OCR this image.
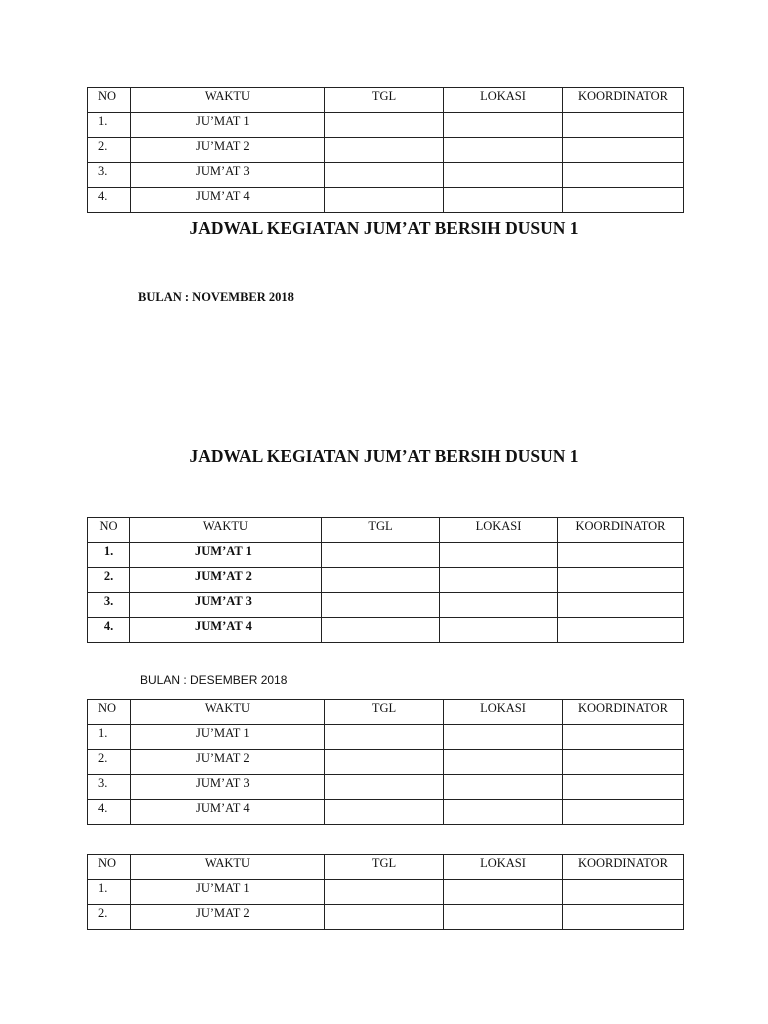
NO	WAKTU	TGL	LOKASI	KOORDINATOR
1.	JU’MAT 1			
2.	JU’MAT 2			
3.	JUM’AT 3			
4.	JUM’AT 4			
JADWAL KEGIATAN JUM’AT BERSIH DUSUN 1
BULAN : NOVEMBER 2018
JADWAL KEGIATAN JUM’AT BERSIH DUSUN 1
NO	WAKTU	TGL	LOKASI	KOORDINATOR
1.	JUM’AT 1			
2.	JUM’AT 2			
3.	JUM’AT 3			
4.	JUM’AT 4			
BULAN : DESEMBER 2018
NO	WAKTU	TGL	LOKASI	KOORDINATOR
1.	JU’MAT 1			
2.	JU’MAT 2			
3.	JUM’AT 3			
4.	JUM’AT 4			
NO	WAKTU	TGL	LOKASI	KOORDINATOR
1.	JU’MAT 1			
2.	JU’MAT 2			
